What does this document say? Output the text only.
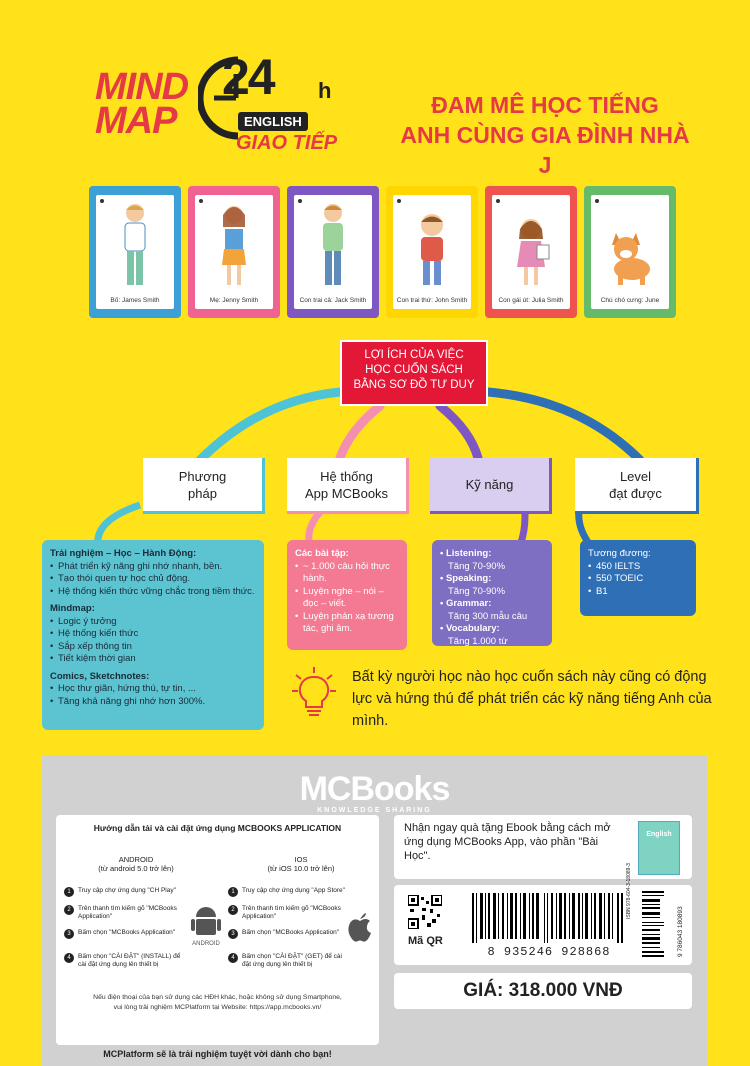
MIND
MAP
24 h
ENGLISH
GIAO TIẾP
ĐAM MÊ HỌC TIẾNG
ANH CÙNG GIA ĐÌNH NHÀ J
Bố: James Smith	Mẹ: Jenny Smith	Con trai cả: Jack Smith	Con trai thứ: John Smith	Con gái út: Julia Smith	Chú chó cưng: June
LỢI ÍCH CỦA VIỆC
HỌC CUỐN SÁCH
BẰNG SƠ ĐỒ TƯ DUY
Phương
pháp
Hệ thống
App MCBooks
Kỹ năng
Level
đạt được
Trải nghiệm – Học – Hành Động:
• Phát triển kỹ năng ghi nhớ nhanh, bền.
• Tạo thói quen tự học chủ động.
• Hệ thống kiến thức vững chắc trong tiềm thức.
Mindmap:
• Logic ý tưởng
• Hệ thống kiến thức
• Sắp xếp thông tin
• Tiết kiệm thời gian
Comics, Sketchnotes:
• Học thư giãn, hứng thú, tự tin, ...
• Tăng khả năng ghi nhớ hơn 300%.
Các bài tập:
• ~ 1.000 câu hỏi thực hành.
• Luyện nghe – nói – đọc – viết.
• Luyện phản xạ tương tác, ghi âm.
• Listening:
Tăng 70-90%
• Speaking:
Tăng 70-90%
• Grammar:
Tăng 300 mẫu câu
• Vocabulary:
Tăng 1.000 từ
Tương đương:
• 450 IELTS
• 550 TOEIC
• B1
Bất kỳ người học nào học cuốn sách này cũng có động lực và hứng thú để phát triển các kỹ năng tiếng Anh của mình.
MCBooks
KNOWLEDGE SHARING
Hướng dẫn tải và cài đặt ứng dụng MCBOOKS APPLICATION
ANDROID
(từ android 5.0 trở lên)
IOS
(từ iOS 10.0 trở lên)
1	Truy cập chợ ứng dụng "CH Play"
2	Trên thanh tìm kiếm gõ "MCBooks Application"
3	Bấm chọn "MCBooks Application"
4	Bấm chọn "CÀI ĐẶT" (INSTALL) để cài đặt ứng dụng lên thiết bị
ANDROID
1	Truy cập chợ ứng dụng "App Store"
2	Trên thanh tìm kiếm gõ "MCBooks Application"
3	Bấm chọn "MCBooks Application"
4	Bấm chọn "CÀI ĐẶT" (GET) để cài đặt ứng dụng lên thiết bị
Nếu điện thoại của bạn sử dụng các HĐH khác, hoặc không sử dụng Smartphone,
vui lòng trải nghiệm MCPlatform tại Website: https://app.mcbooks.vn/
MCPlatform sẽ là trải nghiệm tuyệt vời dành cho bạn!
Nhận ngay quà tặng Ebook bằng cách mở ứng dụng MCBooks App, vào phần "Bài Học".
English
Mã QR
8 935246 928868
ISBN 978-604-3-18089-3
9 786043 180893
GIÁ: 318.000 VNĐ
